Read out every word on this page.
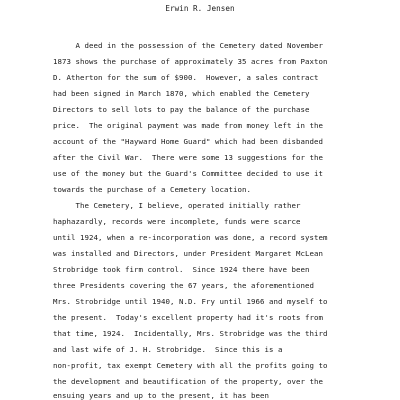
Erwin R. Jensen
A deed in the possession of the Cemetery dated November
1873 shows the purchase of approximately 35 acres from Paxton
D. Atherton for the sum of $900.  However, a sales contract
had been signed in March 1870, which enabled the Cemetery
Directors to sell lots to pay the balance of the purchase
price.  The original payment was made from money left in the
account of the "Hayward Home Guard" which had been disbanded
after the Civil War.  There were some 13 suggestions for the
use of the money but the Guard's Committee decided to use it
towards the purchase of a Cemetery location.
The Cemetery, I believe, operated initially rather
haphazardly, records were incomplete, funds were scarce
until 1924, when a re-incorporation was done, a record system
was installed and Directors, under President Margaret McLean
Strobridge took firm control.  Since 1924 there have been
three Presidents covering the 67 years, the aforementioned
Mrs. Strobridge until 1940, N.D. Fry until 1966 and myself to
the present.  Today's excellent property had it's roots from
that time, 1924.  Incidentally, Mrs. Strobridge was the third
and last wife of J. H. Strobridge.  Since this is a
non-profit, tax exempt Cemetery with all the profits going to
the development and beautification of the property, over the
ensuing years and up to the present, it has been
